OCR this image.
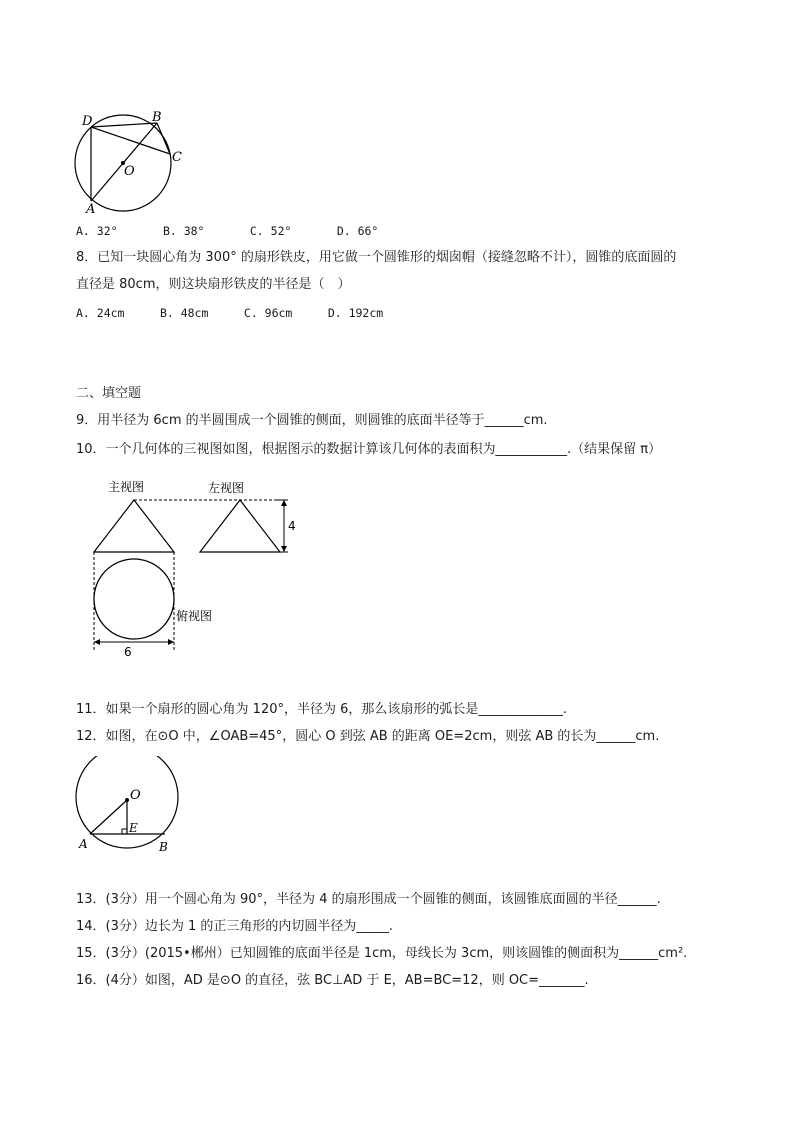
D	B
C
O
A
A. 32°	B. 38°	C. 52°	D. 66°
8．已知一块圆心角为 300° 的扇形铁皮，用它做一个圆锥形的烟囱帽（接缝忽略不计），圆锥的底面圆的
直径是 80cm，则这块扇形铁皮的半径是（　）
A. 24cm	B. 48cm	C. 96cm	D. 192cm
二、填空题
9．用半径为 6cm 的半圆围成一个圆锥的侧面，则圆锥的底面半径等于______cm.
10．一个几何体的三视图如图，根据图示的数据计算该几何体的表面积为___________.（结果保留 π）
主视图	左视图
俯视图
4
6
11．如果一个扇形的圆心角为 120°，半径为 6，那么该扇形的弧长是_____________.
12．如图，在⊙O 中，∠OAB=45°，圆心 O 到弦 AB 的距离 OE=2cm，则弦 AB 的长为______cm.
O
E
A	B
13．(3分）用一个圆心角为 90°，半径为 4 的扇形围成一个圆锥的侧面，该圆锥底面圆的半径______.
14．(3分）边长为 1 的正三角形的内切圆半径为_____.
15．(3分）(2015•郴州）已知圆锥的底面半径是 1cm，母线长为 3cm，则该圆锥的侧面积为______cm².
16．(4分）如图，AD 是⊙O 的直径，弦 BC⊥AD 于 E，AB=BC=12，则 OC=_______.
